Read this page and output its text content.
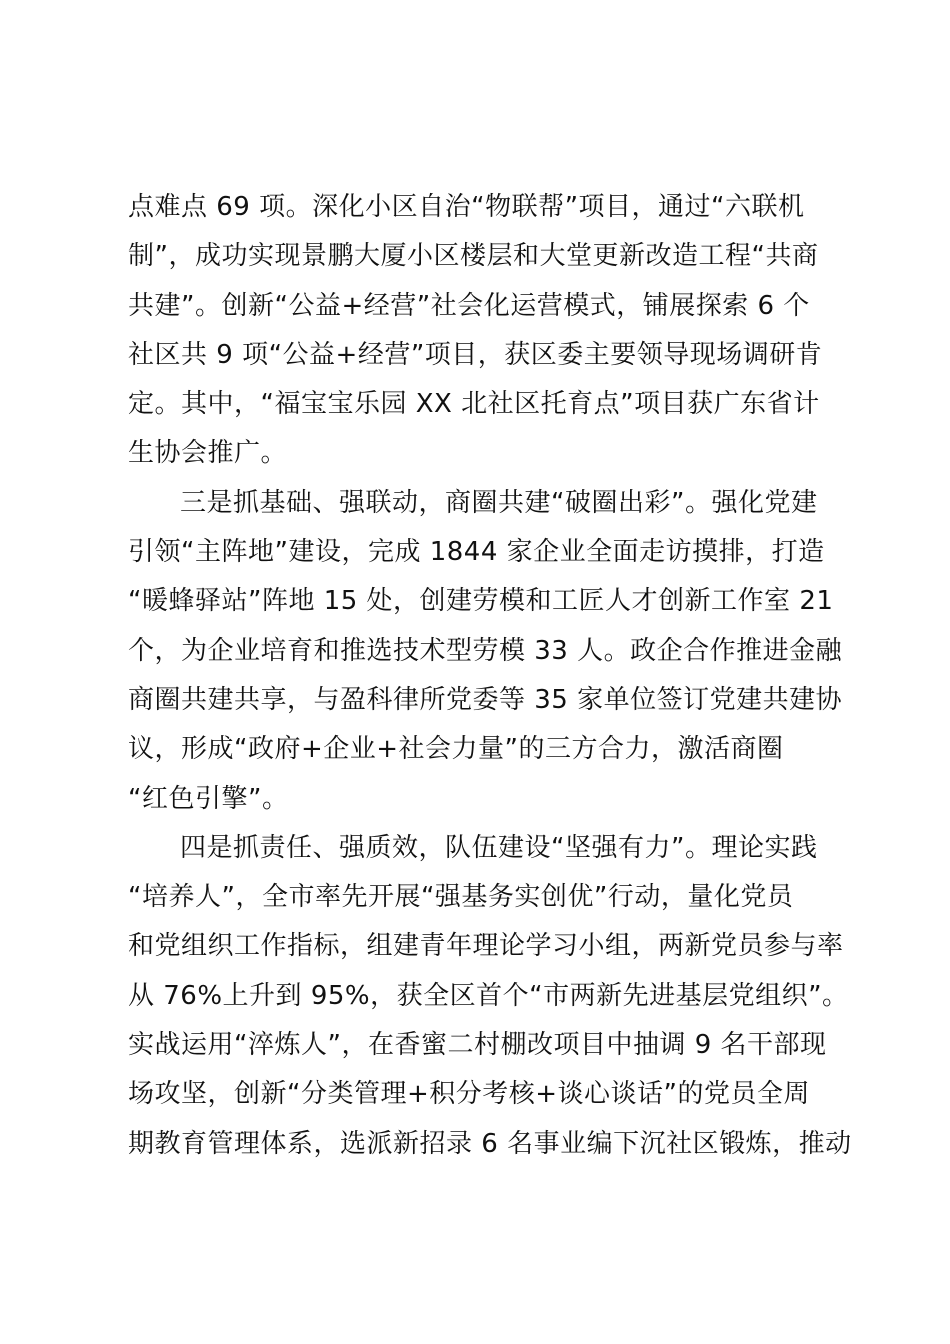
点难点 69 项。深化小区自治“物联帮”项目，通过“六联机
制”，成功实现景鹏大厦小区楼层和大堂更新改造工程“共商
共建”。创新“公益+经营”社会化运营模式，铺展探索 6 个
社区共 9 项“公益+经营”项目，获区委主要领导现场调研肯
定。其中，“福宝宝乐园 XX 北社区托育点”项目获广东省计
生协会推广。
三是抓基础、强联动，商圈共建“破圈出彩”。强化党建
引领“主阵地”建设，完成 1844 家企业全面走访摸排，打造
“暖蜂驿站”阵地 15 处，创建劳模和工匠人才创新工作室 21
个，为企业培育和推选技术型劳模 33 人。政企合作推进金融
商圈共建共享，与盈科律所党委等 35 家单位签订党建共建协
议，形成“政府+企业+社会力量”的三方合力，激活商圈
“红色引擎”。
四是抓责任、强质效，队伍建设“坚强有力”。理论实践
“培养人”，全市率先开展“强基务实创优”行动，量化党员
和党组织工作指标，组建青年理论学习小组，两新党员参与率
从 76%上升到 95%，获全区首个“市两新先进基层党组织”。
实战运用“淬炼人”，在香蜜二村棚改项目中抽调 9 名干部现
场攻坚，创新“分类管理+积分考核+谈心谈话”的党员全周
期教育管理体系，选派新招录 6 名事业编下沉社区锻炼，推动
